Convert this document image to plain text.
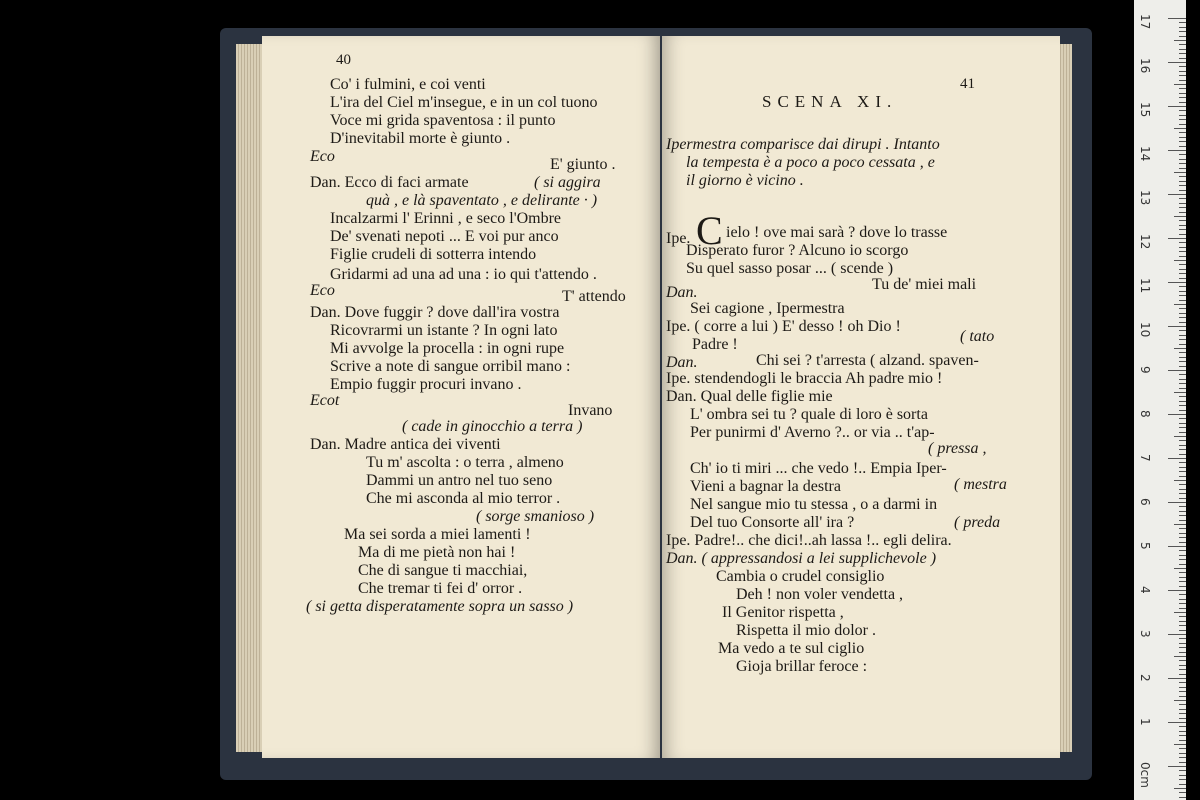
40
Co' i fulmini, e coi venti
L'ira del Ciel m'insegue, e in un col tuono
Voce mi grida spaventosa : il punto
D'inevitabil morte è giunto .
Eco	E' giunto .
Dan. Ecco di faci armate	( si aggira
quà , e là spaventato , e delirante · )
Incalzarmi l' Erinni , e seco l'Ombre
De' svenati nepoti ... E voi pur anco
Figlie crudeli di sotterra intendo
Gridarmi ad una ad una : io qui t'attendo .
Eco	T' attendo
Dan. Dove fuggir ? dove dall'ira vostra
Ricovrarmi un istante ? In ogni lato
Mi avvolge la procella : in ogni rupe
Scrive a note di sangue orribil mano :
Empio fuggir procuri invano .
Ecot
Invano
( cade in ginocchio a terra )
Dan. Madre antica dei viventi
Tu m' ascolta : o terra , almeno
Dammi un antro nel tuo seno
Che mi asconda al mio terror .
( sorge smanioso )
Ma sei sorda a miei lamenti !
Ma di me pietà non hai !
Che di sangue ti macchiai,
Che tremar ti fei d' orror .
( si getta disperatamente sopra un sasso )
41
SCENA XI.
C
Ipermestra comparisce dai dirupi . Intanto
la tempesta è a poco a poco cessata , e
il giorno è vicino .
Ipe. ielo ! ove mai sarà ? dove lo trasse
Disperato furor ? Alcuno io scorgo
Su quel sasso posar ... ( scende )
Dan.	Tu de' miei mali
Sei cagione , Ipermestra
Ipe. ( corre a lui ) E' desso ! oh Dio !
Padre !	( tato
Dan.	Chi sei ? t'arresta ( alzand. spaven-
Ipe. stendendogli le braccia Ah padre mio !
Dan. Qual delle figlie mie
L' ombra sei tu ? quale di loro è sorta
Per punirmi d' Averno ?.. or via .. t'ap-
( pressa ,
Ch' io ti miri ... che vedo !.. Empia Iper-
Vieni a bagnar la destra	( mestra
Nel sangue mio tu stessa , o a darmi in
Del tuo Consorte all' ira ?	( preda
Ipe. Padre!.. che dici!..ah lassa !.. egli delira.
Dan. ( appressandosi a lei supplichevole )
Cambia o crudel consiglio
Deh ! non voler vendetta ,
Il Genitor rispetta ,
Rispetta il mio dolor .
Ma vedo a te sul ciglio
Gioja brillar feroce :
17
16
15
14
13
12
11
10
9
8
7
6
5
4
3
2
1
0cm
